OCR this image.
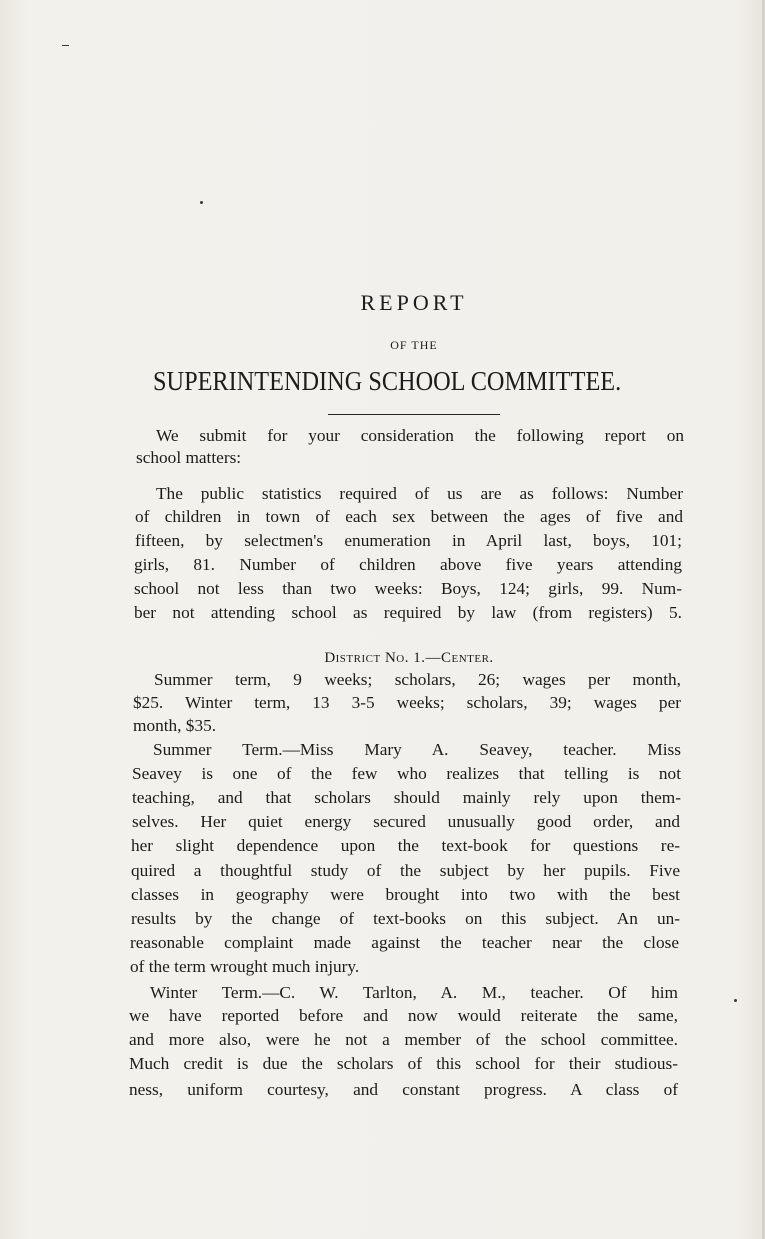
REPORT
OF THE
SUPERINTENDING SCHOOL COMMITTEE.
We submit for your consideration the following report on
school matters:
The public statistics required of us are as follows: Number
of children in town of each sex between the ages of five and
fifteen, by selectmen's enumeration in April last, boys, 101;
girls, 81. Number of children above five years attending
school not less than two weeks: Boys, 124; girls, 99. Num-
ber not attending school as required by law (from registers) 5.
Summer term, 9 weeks; scholars, 26; wages per month,
$25. Winter term, 13 3-5 weeks; scholars, 39; wages per
month, $35.
Summer Term.—Miss Mary A. Seavey, teacher. Miss
Seavey is one of the few who realizes that telling is not
teaching, and that scholars should mainly rely upon them-
selves. Her quiet energy secured unusually good order, and
her slight dependence upon the text-book for questions re-
quired a thoughtful study of the subject by her pupils. Five
classes in geography were brought into two with the best
results by the change of text-books on this subject. An un-
reasonable complaint made against the teacher near the close
of the term wrought much injury.
Winter Term.—C. W. Tarlton, A. M., teacher. Of him
we have reported before and now would reiterate the same,
and more also, were he not a member of the school committee.
Much credit is due the scholars of this school for their studious-
ness, uniform courtesy, and constant progress. A class of
District No. 1.—Center.
